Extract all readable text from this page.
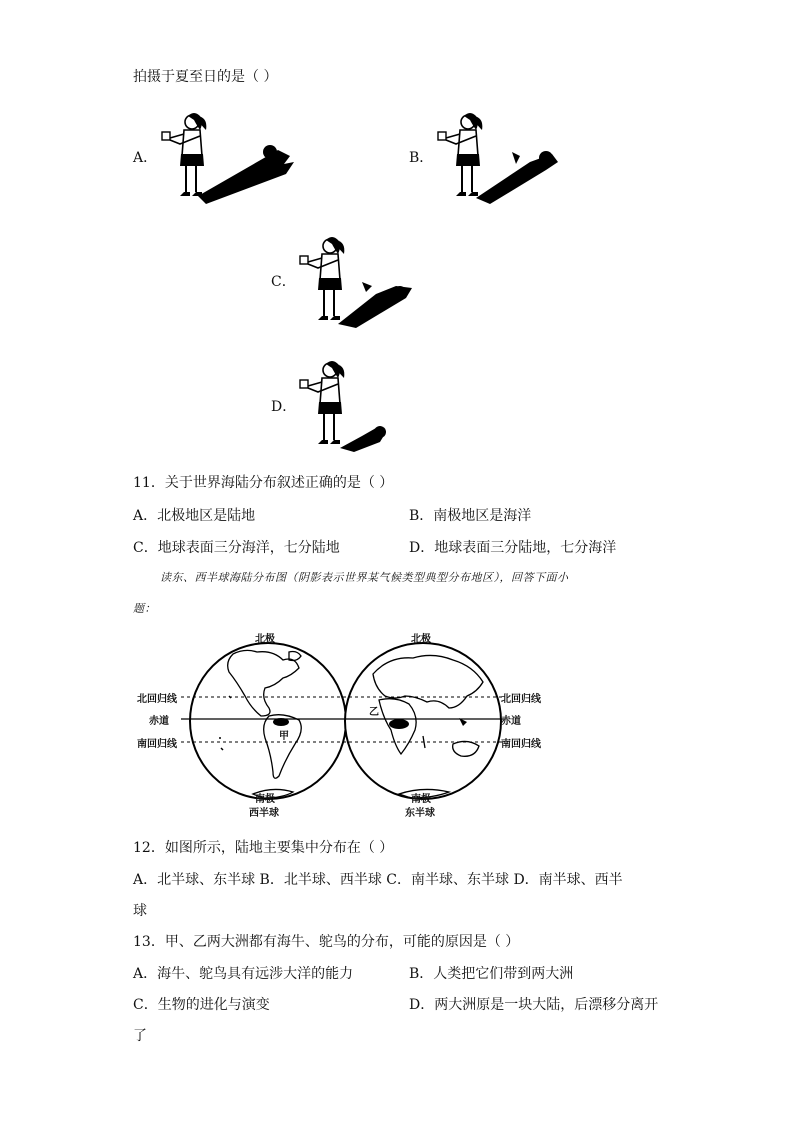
拍摄于夏至日的是（ ）
A．	B．
C．
D．
11．关于世界海陆分布叙述正确的是（ ）
A．北极地区是陆地	B．南极地区是海洋
C．地球表面三分海洋，七分陆地	D．地球表面三分陆地，七分海洋
读东、西半球海陆分布图（阴影表示世界某气候类型典型分布地区），回答下面小
题：
北极
南极
西半球
甲
北极
南极
东半球
乙
北回归线
赤道
南回归线
北回归线
赤道
南回归线
12．如图所示，陆地主要集中分布在（ ）
A．北半球、东半球 B．北半球、西半球 C．南半球、东半球 D．南半球、西半
球
13．甲、乙两大洲都有海牛、鸵鸟的分布，可能的原因是（ ）
A．海牛、鸵鸟具有远涉大洋的能力	B．人类把它们带到两大洲
C．生物的进化与演变	D．两大洲原是一块大陆，后漂移分离开
了
